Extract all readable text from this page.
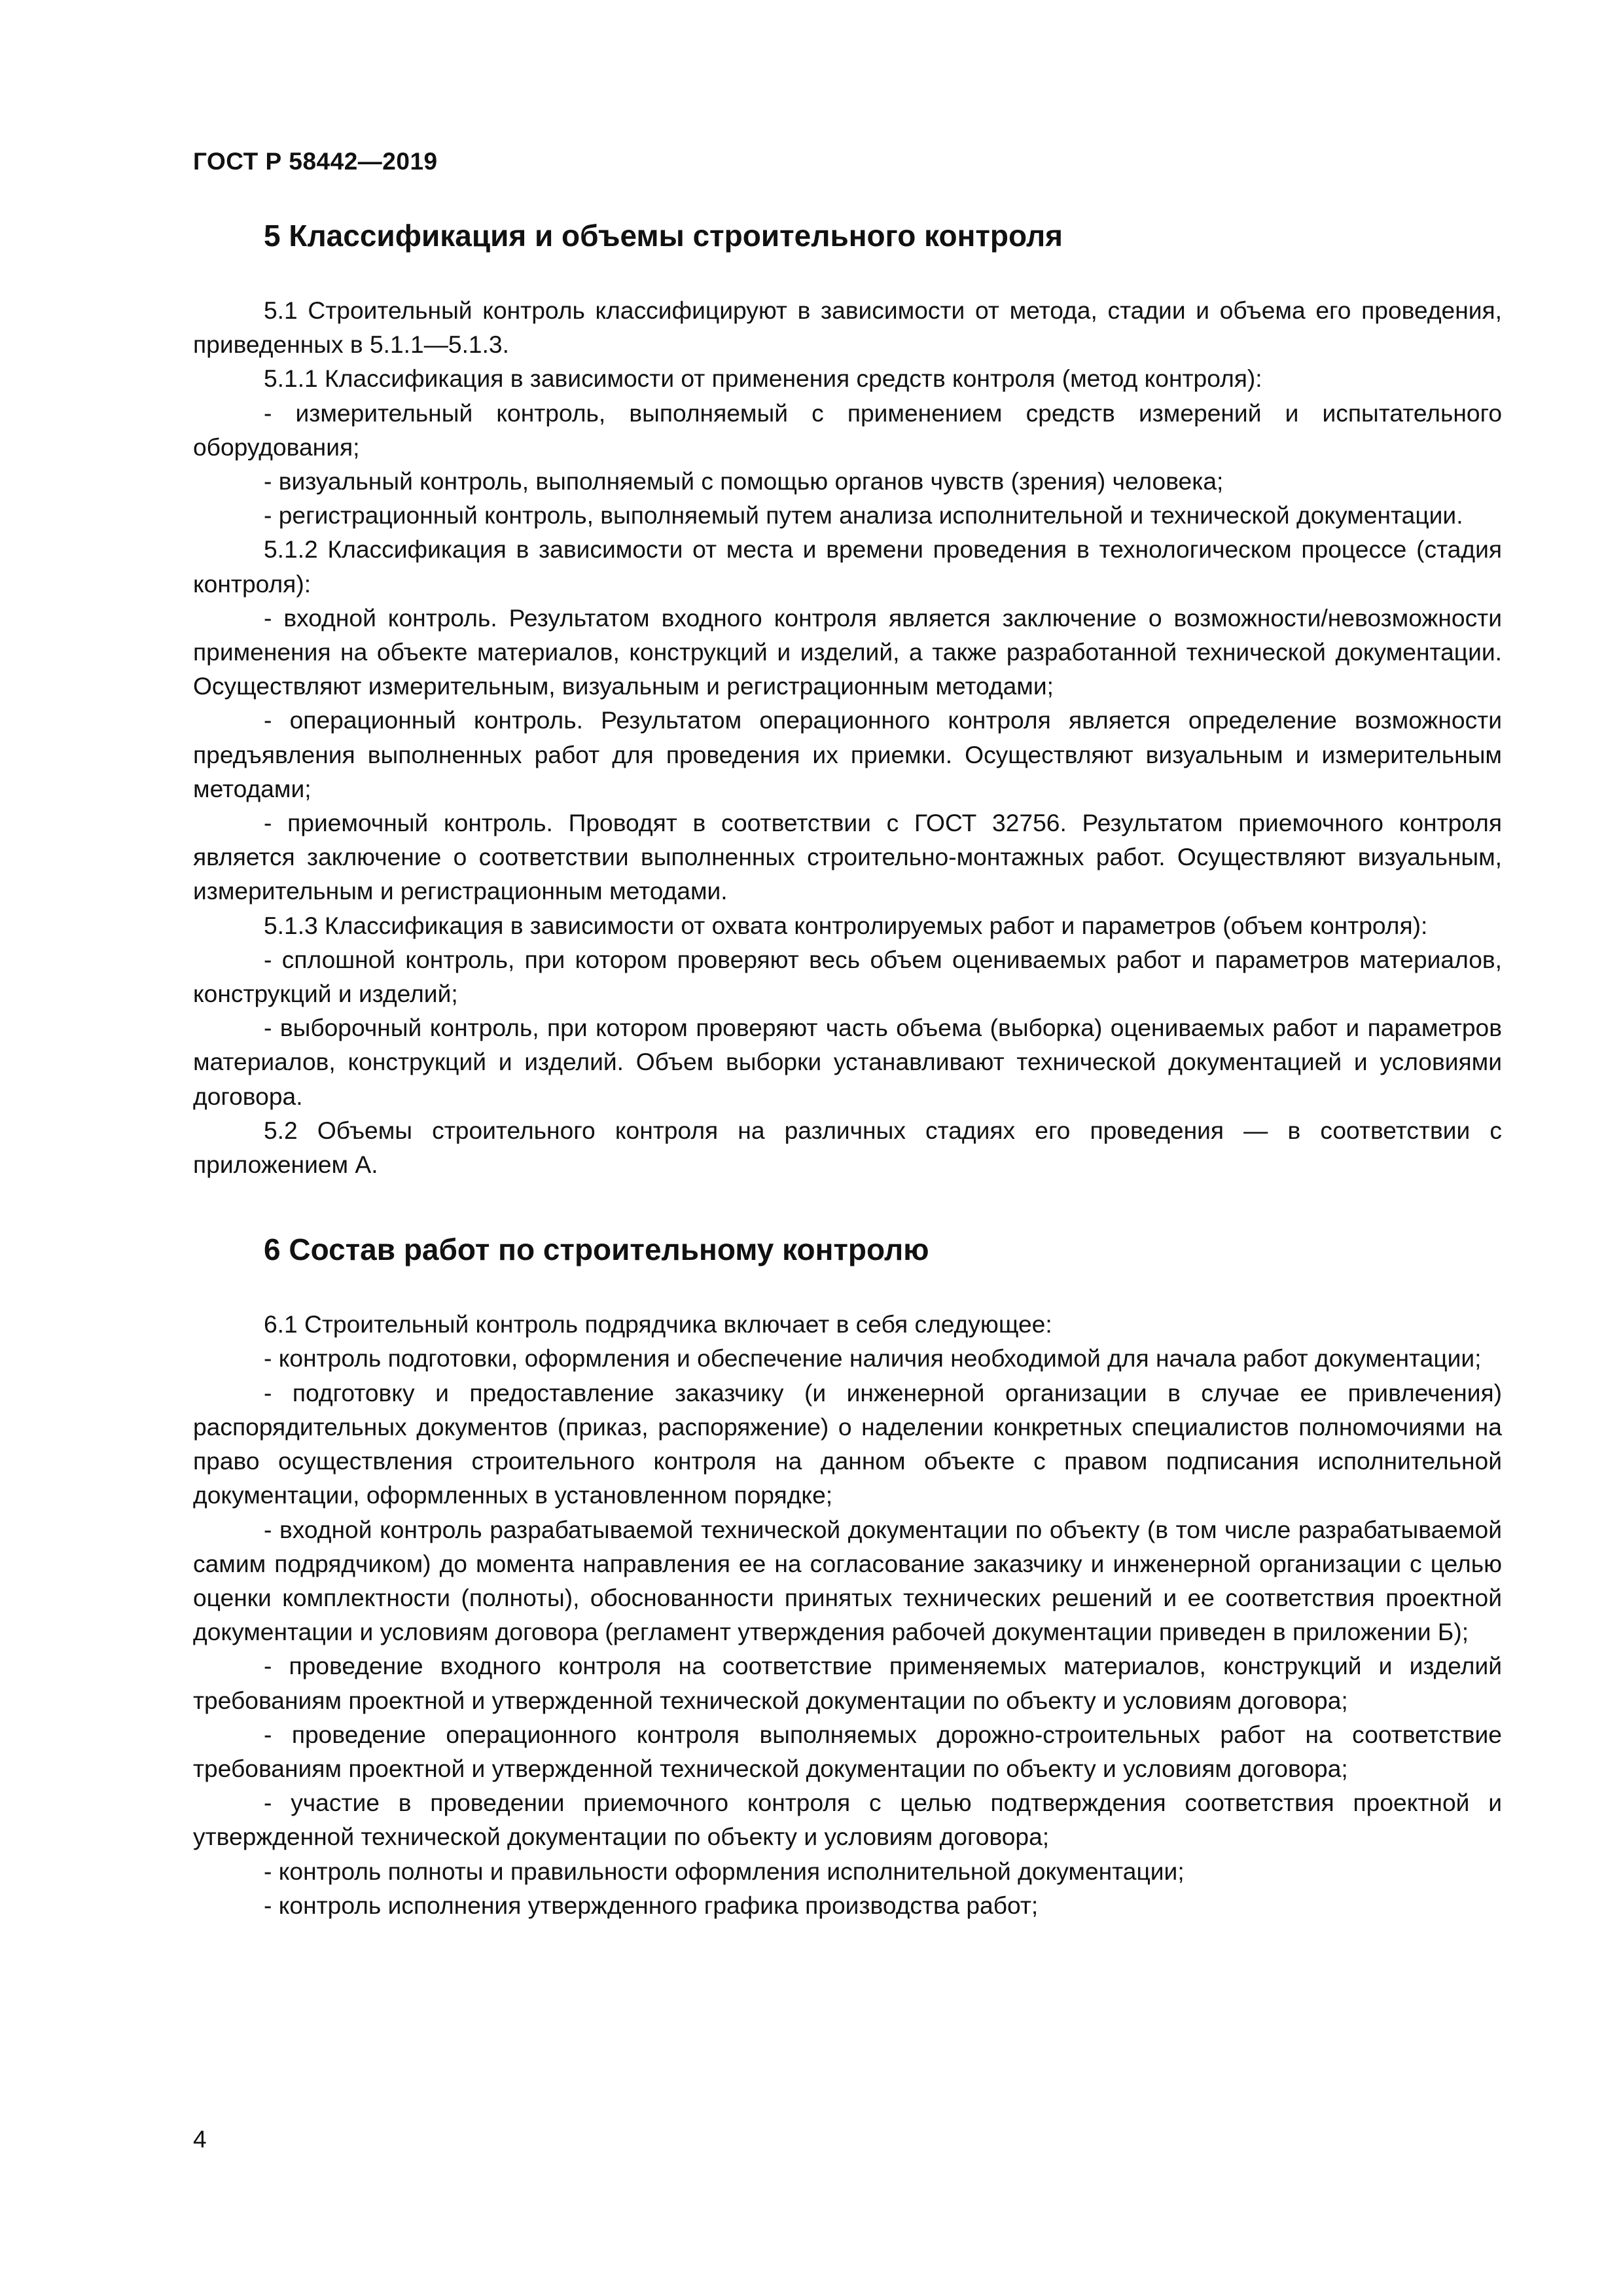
ГОСТ Р 58442—2019
5 Классификация и объемы строительного контроля

5.1 Строительный контроль классифицируют в зависимости от метода, стадии и объема его проведения, приведенных в 5.1.1—5.1.3.

5.1.1 Классификация в зависимости от применения средств контроля (метод контроля):

- измерительный контроль, выполняемый с применением средств измерений и испытательного оборудования;

- визуальный контроль, выполняемый с помощью органов чувств (зрения) человека;

- регистрационный контроль, выполняемый путем анализа исполнительной и технической документации.

5.1.2 Классификация в зависимости от места и времени проведения в технологическом процессе (стадия контроля):

- входной контроль. Результатом входного контроля является заключение о возможности/невозможности применения на объекте материалов, конструкций и изделий, а также разработанной технической документации. Осуществляют измерительным, визуальным и регистрационным методами;

- операционный контроль. Результатом операционного контроля является определение возможности предъявления выполненных работ для проведения их приемки. Осуществляют визуальным и измерительным методами;

- приемочный контроль. Проводят в соответствии с ГОСТ 32756. Результатом приемочного контроля является заключение о соответствии выполненных строительно-монтажных работ. Осуществляют визуальным, измерительным и регистрационным методами.

5.1.3 Классификация в зависимости от охвата контролируемых работ и параметров (объем контроля):

- сплошной контроль, при котором проверяют весь объем оцениваемых работ и параметров материалов, конструкций и изделий;

- выборочный контроль, при котором проверяют часть объема (выборка) оцениваемых работ и параметров материалов, конструкций и изделий. Объем выборки устанавливают технической документацией и условиями договора.

5.2 Объемы строительного контроля на различных стадиях его проведения — в соответствии с приложением А.

6 Состав работ по строительному контролю

6.1 Строительный контроль подрядчика включает в себя следующее:

- контроль подготовки, оформления и обеспечение наличия необходимой для начала работ документации;

- подготовку и предоставление заказчику (и инженерной организации в случае ее привлечения) распорядительных документов (приказ, распоряжение) о наделении конкретных специалистов полномочиями на право осуществления строительного контроля на данном объекте с правом подписания исполнительной документации, оформленных в установленном порядке;

- входной контроль разрабатываемой технической документации по объекту (в том числе разрабатываемой самим подрядчиком) до момента направления ее на согласование заказчику и инженерной организации с целью оценки комплектности (полноты), обоснованности принятых технических решений и ее соответствия проектной документации и условиям договора (регламент утверждения рабочей документации приведен в приложении Б);

- проведение входного контроля на соответствие применяемых материалов, конструкций и изделий требованиям проектной и утвержденной технической документации по объекту и условиям договора;

- проведение операционного контроля выполняемых дорожно-строительных работ на соответствие требованиям проектной и утвержденной технической документации по объекту и условиям договора;

- участие в проведении приемочного контроля с целью подтверждения соответствия проектной и утвержденной технической документации по объекту и условиям договора;

- контроль полноты и правильности оформления исполнительной документации;

- контроль исполнения утвержденного графика производства работ;

4
